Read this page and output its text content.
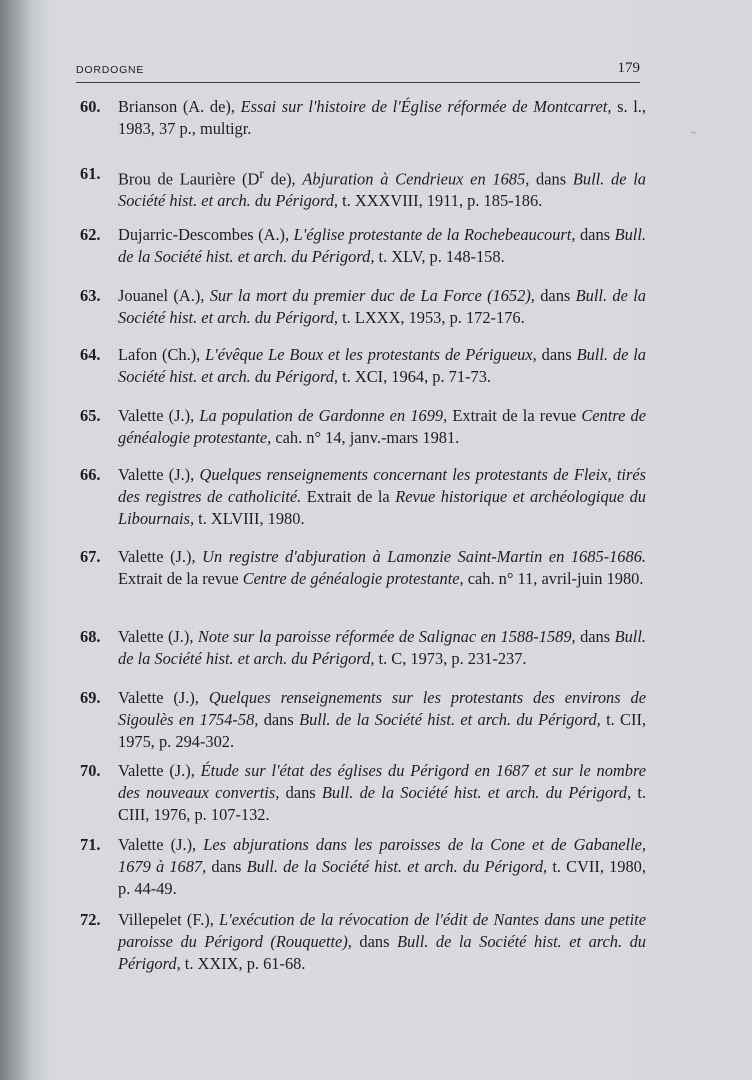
DORDOGNE	179
~
60.	Brianson (A. de), Essai sur l'histoire de l'Église réformée de Montcarret, s. l., 1983, 37 p., multigr.
61.	Brou de Laurière ($D^r$ de), Abjuration à Cendrieux en 1685, dans Bull. de la Société hist. et arch. du Périgord, t. XXXVIII, 1911, p. 185-186.
62.	Dujarric-Descombes (A.), L'église protestante de la Rochebeaucourt, dans Bull. de la Société hist. et arch. du Périgord, t. XLV, p. 148-158.
63.	Jouanel (A.), Sur la mort du premier duc de La Force (1652), dans Bull. de la Société hist. et arch. du Périgord, t. LXXX, 1953, p. 172-176.
64.	Lafon (Ch.), L'évêque Le Boux et les protestants de Périgueux, dans Bull. de la Société hist. et arch. du Périgord, t. XCI, 1964, p. 71-73.
65.	Valette (J.), La population de Gardonne en 1699, Extrait de la revue Centre de généalogie protestante, cah. n° 14, janv.-mars 1981.
66.	Valette (J.), Quelques renseignements concernant les protestants de Fleix, tirés des registres de catholicité. Extrait de la Revue historique et archéologique du Libournais, t. XLVIII, 1980.
67.	Valette (J.), Un registre d'abjuration à Lamonzie Saint-Martin en 1685-1686. Extrait de la revue Centre de généalogie protestante, cah. n° 11, avril-juin 1980.
68.	Valette (J.), Note sur la paroisse réformée de Salignac en 1588-1589, dans Bull. de la Société hist. et arch. du Périgord, t. C, 1973, p. 231-237.
69.	Valette (J.), Quelques renseignements sur les protestants des environs de Sigoulès en 1754-58, dans Bull. de la Société hist. et arch. du Périgord, t. CII, 1975, p. 294-302.
70.	Valette (J.), Étude sur l'état des églises du Périgord en 1687 et sur le nombre des nouveaux convertis, dans Bull. de la Société hist. et arch. du Périgord, t. CIII, 1976, p. 107-132.
71.	Valette (J.), Les abjurations dans les paroisses de la Cone et de Gabanelle, 1679 à 1687, dans Bull. de la Société hist. et arch. du Périgord, t. CVII, 1980, p. 44-49.
72.	Villepelet (F.), L'exécution de la révocation de l'édit de Nantes dans une petite paroisse du Périgord (Rouquette), dans Bull. de la Société hist. et arch. du Périgord, t. XXIX, p. 61-68.
